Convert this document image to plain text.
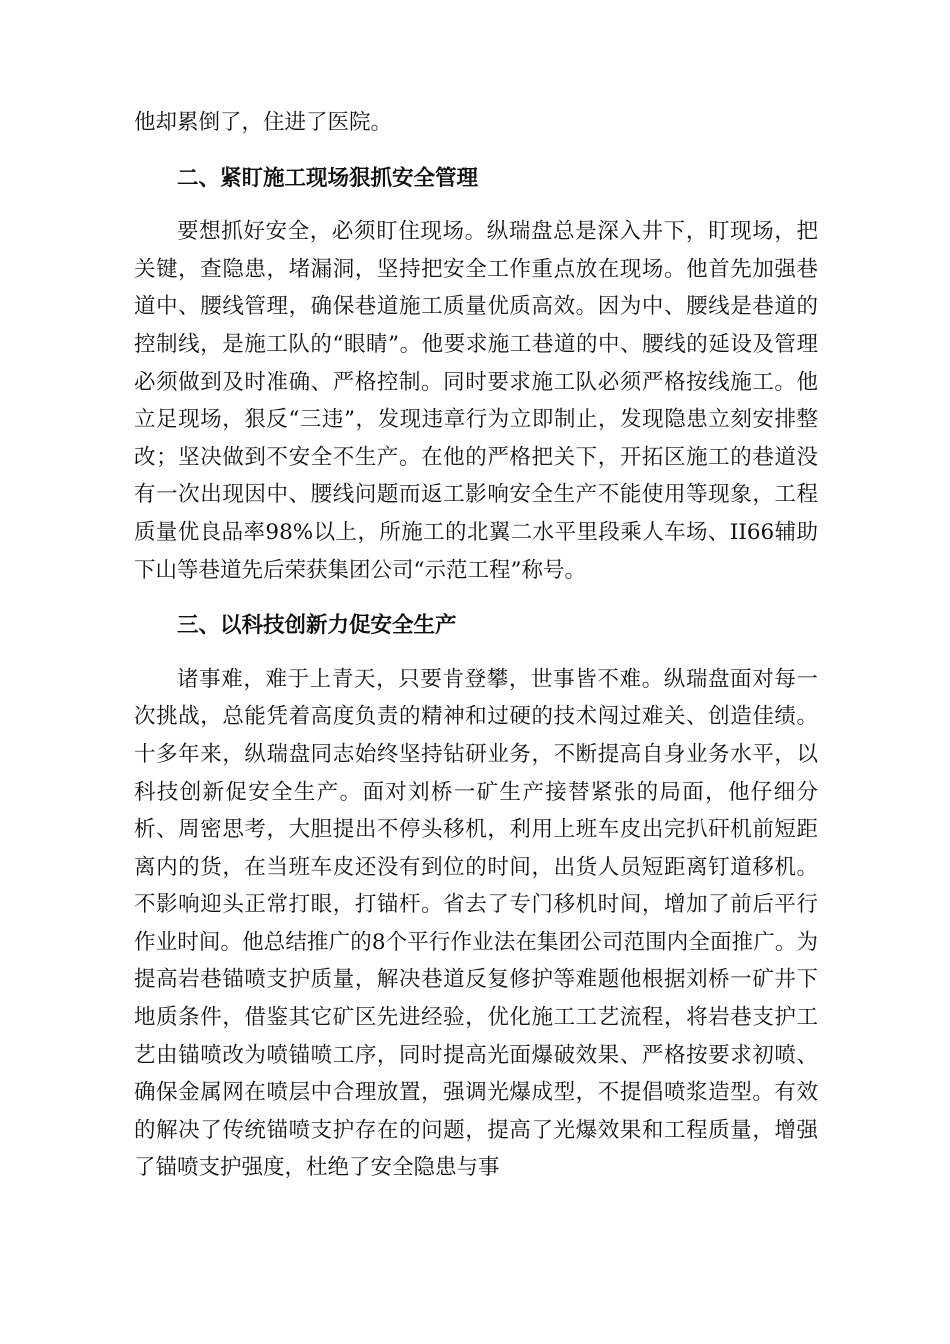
他却累倒了，住进了医院。

二、紧盯施工现场狠抓安全管理

要想抓好安全，必须盯住现场。纵瑞盘总是深入井下，盯现场，把关键，查隐患，堵漏洞，坚持把安全工作重点放在现场。他首先加强巷道中、腰线管理，确保巷道施工质量优质高效。因为中、腰线是巷道的控制线，是施工队的“眼睛”。他要求施工巷道的中、腰线的延设及管理必须做到及时准确、严格控制。同时要求施工队必须严格按线施工。他立足现场，狠反“三违”，发现违章行为立即制止，发现隐患立刻安排整改；坚决做到不安全不生产。在他的严格把关下，开拓区施工的巷道没有一次出现因中、腰线问题而返工影响安全生产不能使用等现象，工程质量优良品率98%以上，所施工的北翼二水平里段乘人车场、II66辅助下山等巷道先后荣获集团公司“示范工程”称号。

三、以科技创新力促安全生产

诸事难，难于上青天，只要肯登攀，世事皆不难。纵瑞盘面对每一次挑战，总能凭着高度负责的精神和过硬的技术闯过难关、创造佳绩。十多年来，纵瑞盘同志始终坚持钻研业务，不断提高自身业务水平，以科技创新促安全生产。面对刘桥一矿生产接替紧张的局面，他仔细分析、周密思考，大胆提出不停头移机，利用上班车皮出完扒矸机前短距离内的货，在当班车皮还没有到位的时间，出货人员短距离钉道移机。不影响迎头正常打眼，打锚杆。省去了专门移机时间，增加了前后平行作业时间。他总结推广的8个平行作业法在集团公司范围内全面推广。为提高岩巷锚喷支护质量，解决巷道反复修护等难题他根据刘桥一矿井下地质条件，借鉴其它矿区先进经验，优化施工工艺流程，将岩巷支护工艺由锚喷改为喷锚喷工序，同时提高光面爆破效果、严格按要求初喷、确保金属网在喷层中合理放置，强调光爆成型，不提倡喷浆造型。有效的解决了传统锚喷支护存在的问题，提高了光爆效果和工程质量，增强了锚喷支护强度，杜绝了安全隐患与事
